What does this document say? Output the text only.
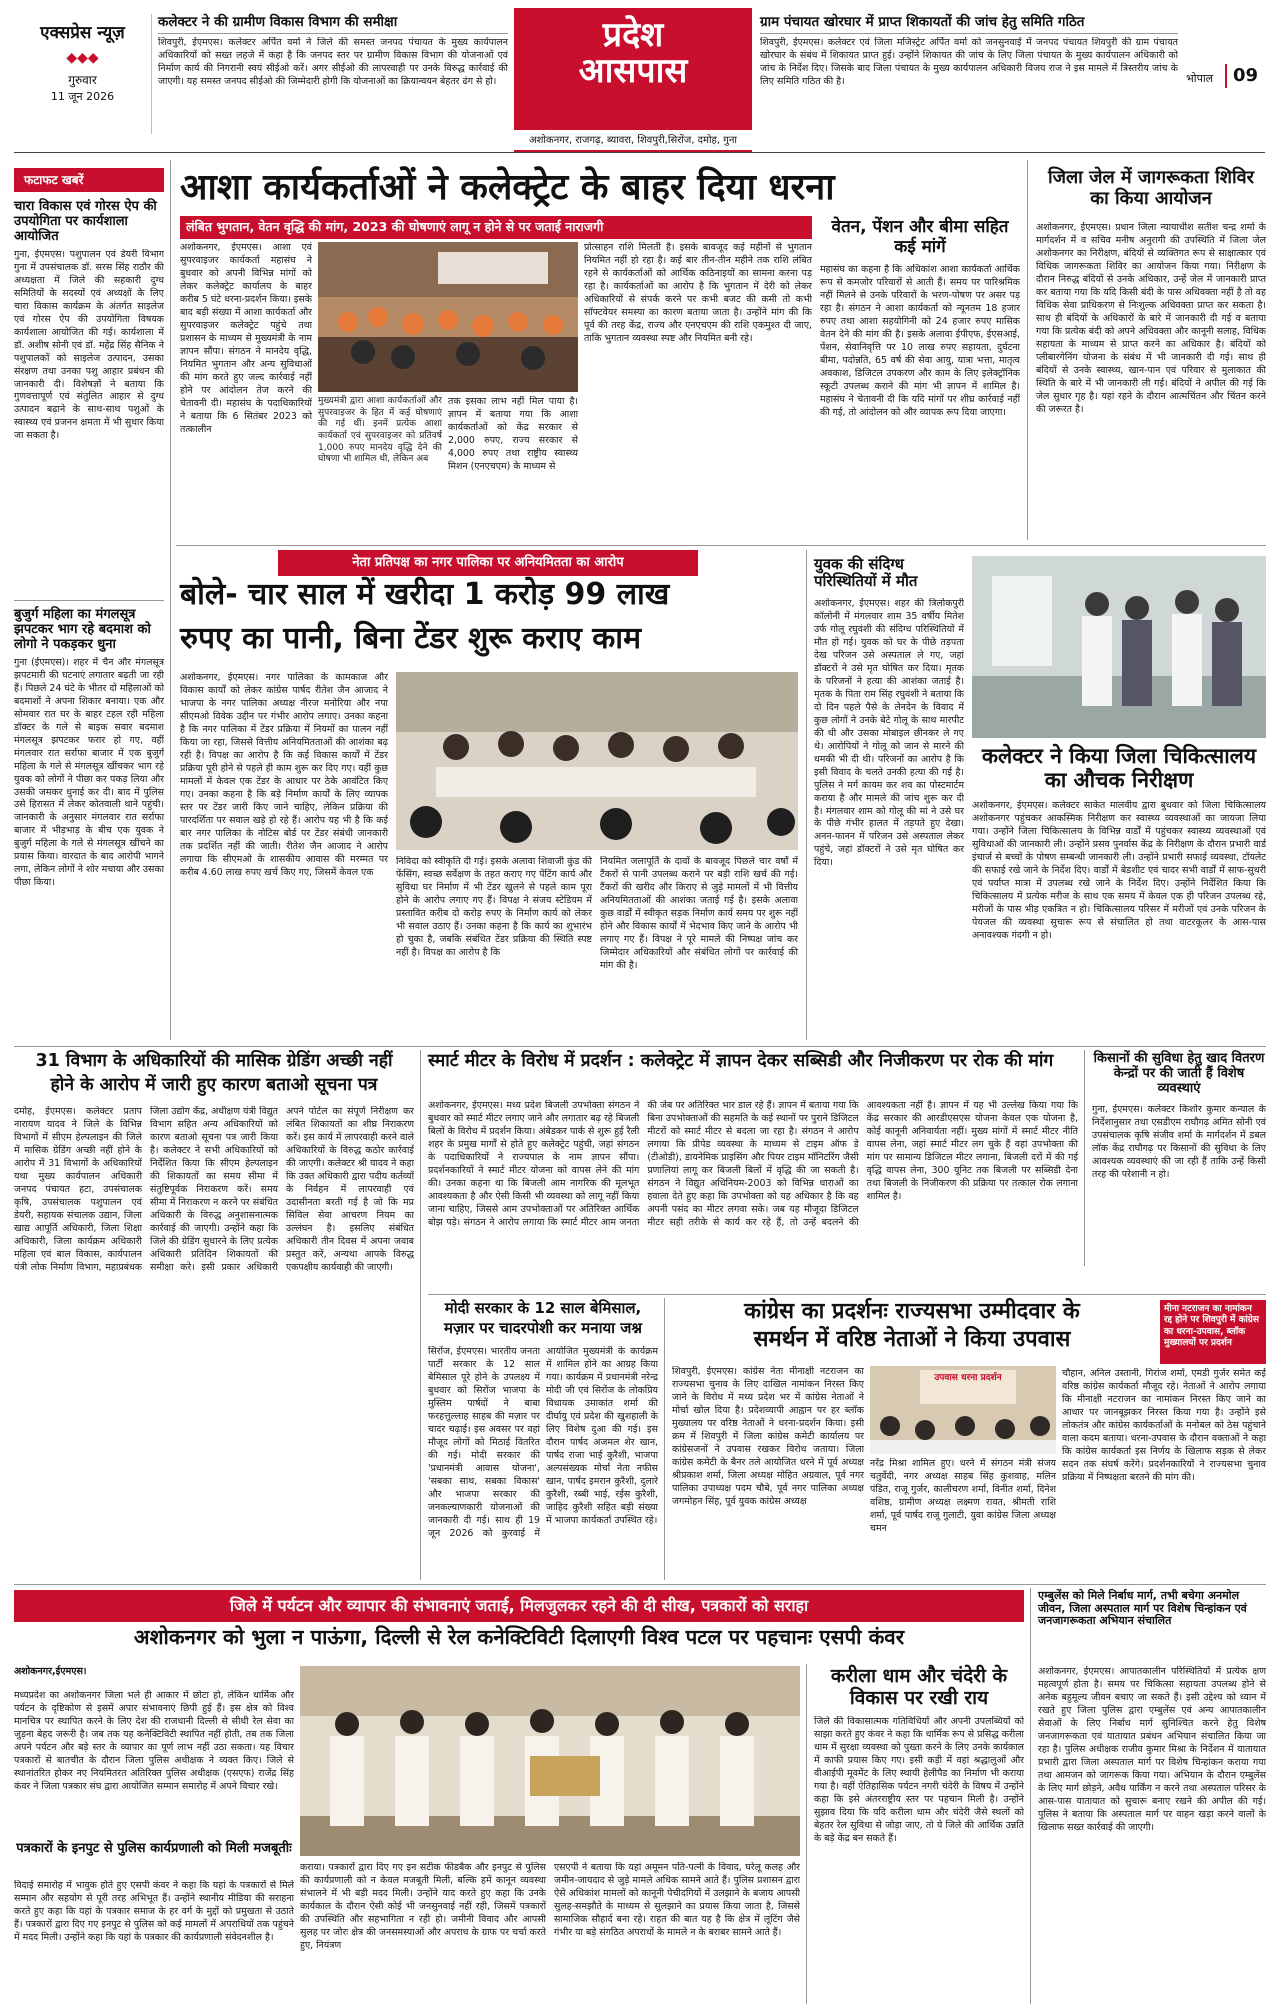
एक्सप्रेस न्यूज़
◆◆◆
गुरुवार
11 जून 2026
कलेक्टर ने की ग्रामीण विकास विभाग की समीक्षा
शिवपुरी, ईएमएस। कलेक्टर अर्पित वर्मा ने जिले की समस्त जनपद पंचायत के मुख्य कार्यपालन अधिकारियों को सख्त लहजे में कहा है कि जनपद स्तर पर ग्रामीण विकास विभाग की योजनाओं एवं निर्माण कार्य की निगरानी स्वयं सीईओ करें। अगर सीईओ की लापरवाही पर उनके विरुद्ध कार्रवाई की जाएगी। यह समस्त जनपद सीईओ की जिम्मेदारी होगी कि योजनाओं का क्रियान्वयन बेहतर ढंग से हो।
प्रदेश
आसपास
अशोकनगर, राजगढ़, ब्यावरा, शिवपुरी,सिरोंज, दमोह, गुना
ग्राम पंचायत खोरघार में प्राप्त शिकायतों की जांच हेतु समिति गठित
शिवपुरी, ईएमएस। कलेक्टर एवं जिला मजिस्ट्रेट अर्पित वर्मा को जनसुनवाई में जनपद पंचायत शिवपुरी की ग्राम पंचायत खोरघार के संबंध में शिकायत प्राप्त हुई। उन्होंने शिकायत की जांच के लिए जिला पंचायत के मुख्य कार्यपालन अधिकारी को जांच के निर्देश दिए। जिसके बाद जिला पंचायत के मुख्य कार्यपालन अधिकारी विजय राज ने इस मामले में त्रिस्तरीय जांच के लिए समिति गठित की है।	भोपाल	09
फटाफट खबरें
चारा विकास एवं गोरस ऐप की उपयोगिता पर कार्यशाला आयोजित
गुना, ईएमएस। पशुपालन एवं डेयरी विभाग गुना में उपसंचालक डॉ. सरस सिंह राठौर की अध्यक्षता में जिले की सहकारी दुग्ध समितियों के सदस्यों एवं अध्यक्षों के लिए चारा विकास कार्यक्रम के अंतर्गत साइलेज एवं गोरस ऐप की उपयोगिता विषयक कार्यशाला आयोजित की गई। कार्यशाला में डॉ. अशीष सोनी एवं डॉ. महेंद्र सिंह सैनिक ने पशुपालकों को साइलेज उत्पादन, उसका संरक्षण तथा उनका पशु आहार प्रबंधन की जानकारी दी। विशेषज्ञों ने बताया कि गुणवत्तापूर्ण एवं संतुलित आहार से दुग्ध उत्पादन बढ़ाने के साथ-साथ पशुओं के स्वास्थ्य एवं प्रजनन क्षमता में भी सुधार किया जा सकता है।
बुजुर्ग महिला का मंगलसूत्र झपटकर भाग रहे बदमाश को लोगो ने पकड़कर धुना
गुना (ईएमएस)। शहर में चैन और मंगलसूत्र झपटमारी की घटनाएं लगातार बढ़ती जा रही हैं। पिछले 24 घंटे के भीतर दो महिलाओं को बदमाशों ने अपना शिकार बनाया। एक और सोमवार रात घर के बाहर टहल रही महिला डॉक्टर के गले से बाइक सवार बदमाश मंगलसूत्र झपटकर फरार हो गए, वहीं मंगलवार रात सर्राफा बाजार में एक बुजुर्ग महिला के गले से मंगलसूत्र खींचकर भाग रहे युवक को लोगों ने पीछा कर पकड़ लिया और उसकी जमकर धुनाई कर दी। बाद में पुलिस उसे हिरासत में लेकर कोतवाली थाने पहुंची। जानकारी के अनुसार मंगलवार रात सर्राफा बाजार में भीड़भाड़ के बीच एक युवक ने बुजुर्ग महिला के गले से मंगलसूत्र खींचने का प्रयास किया। वारदात के बाद आरोपी भागने लगा, लेकिन लोगों ने शोर मचाया और उसका पीछा किया।
आशा कार्यकर्ताओं ने कलेक्ट्रेट के बाहर दिया धरना
लंबित भुगतान, वेतन वृद्धि की मांग, 2023 की घोषणाएं लागू न होने से पर जताई नाराजगी
अशोकनगर, ईएमएस। आशा एवं सुपरवाइजर कार्यकर्ता महासंघ ने बुधवार को अपनी विभिन्न मांगों को लेकर कलेक्ट्रेट कार्यालय के बाहर करीब 5 घंटे धरना-प्रदर्शन किया। इसके बाद बड़ी संख्या में आशा कार्यकर्ता और सुपरवाइजर कलेक्ट्रेट पहुंचे तथा प्रशासन के माध्यम से मुख्यमंत्री के नाम ज्ञापन सौंपा। संगठन ने मानदेय वृद्धि, नियमित भुगतान और अन्य सुविधाओं की मांग करते हुए जल्द कार्रवाई नहीं होने पर आंदोलन तेज करने की चेतावनी दी। महासंघ के पदाधिकारियों ने बताया कि 6 सितंबर 2023 को तत्कालीन
मुख्यमंत्री द्वारा आशा कार्यकर्ताओं और सुपरवाइजर के हित में कई घोषणाएं की गई थीं। इनमें प्रत्येक आशा कार्यकर्ता एवं सुपरवाइजर को प्रतिवर्ष 1,000 रुपए मानदेय वृद्धि देने की घोषणा भी शामिल थी, लेकिन अब
तक इसका लाभ नहीं मिल पाया है। ज्ञापन में बताया गया कि आशा कार्यकर्ताओं को केंद्र सरकार से 2,000 रुपए, राज्य सरकार से 4,000 रुपए तथा राष्ट्रीय स्वास्थ्य मिशन (एनएचएम) के माध्यम से
प्रोत्साहन राशि मिलती है। इसके बावजूद कई महीनों से भुगतान नियमित नहीं हो रहा है। कई बार तीन-तीन महीने तक राशि लंबित रहने से कार्यकर्ताओं को आर्थिक कठिनाइयों का सामना करना पड़ रहा है। कार्यकर्ताओं का आरोप है कि भुगतान में देरी को लेकर अधिकारियों से संपर्क करने पर कभी बजट की कमी तो कभी सॉफ्टवेयर समस्या का कारण बताया जाता है। उन्होंने मांग की कि पूर्व की तरह केंद्र, राज्य और एनएचएम की राशि एकमुश्त दी जाए, ताकि भुगतान व्यवस्था स्पष्ट और नियमित बनी रहे।
वेतन, पेंशन और बीमा सहित कई मांगें
महासंघ का कहना है कि अधिकांश आशा कार्यकर्ता आर्थिक रूप से कमजोर परिवारों से आती हैं। समय पर पारिश्रमिक नहीं मिलने से उनके परिवारों के भरण-पोषण पर असर पड़ रहा है। संगठन ने आशा कार्यकर्ता को न्यूनतम 18 हजार रुपए तथा आशा सहयोगिनी को 24 हजार रुपए मासिक वेतन देने की मांग की है। इसके अलावा ईपीएफ, ईएसआई, पेंशन, सेवानिवृत्ति पर 10 लाख रुपए सहायता, दुर्घटना बीमा, पदोन्नति, 65 वर्ष की सेवा आयु, यात्रा भत्ता, मातृत्व अवकाश, डिजिटल उपकरण और काम के लिए इलेक्ट्रॉनिक स्कूटी उपलब्ध कराने की मांग भी ज्ञापन में शामिल है। महासंघ ने चेतावनी दी कि यदि मांगों पर शीघ्र कार्रवाई नहीं की गई, तो आंदोलन को और व्यापक रूप दिया जाएगा।
जिला जेल में जागरूकता शिविर का किया आयोजन
अशोकनगर, ईएमएस। प्रधान जिला न्यायाधीश सतीश चन्द्र शर्मा के मार्गदर्शन में व सचिव मनीष अनुरागी की उपस्थिति में जिला जेल अशोकनगर का निरीक्षण, बंदियों से व्यक्तिगत रूप से साक्षात्कार एवं विधिक जागरूकता शिविर का आयोजन किया गया। निरीक्षण के दौरान निरुद्ध बंदियों से उनके अधिकार, उन्हें जेल में जानकारी प्राप्त कर बताया गया कि यदि किसी बंदी के पास अधिवक्ता नहीं है तो वह विधिक सेवा प्राधिकरण से निःशुल्क अधिवक्ता प्राप्त कर सकता है। साथ ही बंदियों के अधिकारों के बारे में जानकारी दी गई व बताया गया कि प्रत्येक बंदी को अपने अधिवक्ता और कानूनी सलाह, विधिक सहायता के माध्यम से प्राप्त करने का अधिकार है। बंदियों को प्लीबारगेनिंग योजना के संबंध में भी जानकारी दी गई। साथ ही बंदियों से उनके स्वास्थ्य, खान-पान एवं परिवार से मुलाकात की स्थिति के बारे में भी जानकारी ली गई। बंदियों ने अपील की गई कि जेल सुधार गृह है। यहां रहने के दौरान आत्मचिंतन और चिंतन करने की जरूरत है।
नेता प्रतिपक्ष का नगर पालिका पर अनियमितता का आरोप
बोले- चार साल में खरीदा 1 करोड़ 99 लाख
रुपए का पानी, बिना टेंडर शुरू कराए काम
अशोकनगर, ईएमएस। नगर पालिका के कामकाज और विकास कार्यों को लेकर कांग्रेस पार्षद रीतेश जैन आजाद ने भाजपा के नगर पालिका अध्यक्ष नीरज मनोरिया और नपा सीएमओ विवेक उद्दीन पर गंभीर आरोप लगाए। उनका कहना है कि नगर पालिका में टेंडर प्रक्रिया में नियमों का पालन नहीं किया जा रहा, जिससे वित्तीय अनियमितताओं की आशंका बढ़ रही है। विपक्ष का आरोप है कि कई विकास कार्यों में टेंडर प्रक्रिया पूरी होने से पहले ही काम शुरू कर दिए गए। वहीं कुछ मामलों में केवल एक टेंडर के आधार पर ठेके आवंटित किए गए। उनका कहना है कि बड़े निर्माण कार्यों के लिए व्यापक स्तर पर टेंडर जारी किए जाने चाहिए, लेकिन प्रक्रिया की पारदर्शिता पर सवाल खड़े हो रहे हैं। आरोप यह भी है कि कई बार नगर पालिका के नोटिस बोर्ड पर टेंडर संबंधी जानकारी तक प्रदर्शित नहीं की जाती। रीतेश जैन आजाद ने आरोप लगाया कि सीएमओ के शासकीय आवास की मरम्मत पर करीब 4.60 लाख रुपए खर्च किए गए, जिसमें केवल एक
निविदा को स्वीकृति दी गई। इसके अलावा शिवाजी कुंड की फेंसिंग, स्वच्छ सर्वेक्षण के तहत कराए गए पेंटिंग कार्य और सुविधा घर निर्माण में भी टेंडर खुलने से पहले काम पूरा होने के आरोप लगाए गए हैं। विपक्ष ने संजय स्टेडियम में प्रस्तावित करीब दो करोड़ रुपए के निर्माण कार्य को लेकर भी सवाल उठाए हैं। उनका कहना है कि कार्य का शुभारंभ हो चुका है, जबकि संबंधित टेंडर प्रक्रिया की स्थिति स्पष्ट नहीं है। विपक्ष का आरोप है कि
नियमित जलापूर्ति के दावों के बावजूद पिछले चार वर्षों में टैंकरों से पानी उपलब्ध कराने पर बड़ी राशि खर्च की गई। टैंकरों की खरीद और किराए से जुड़े मामलों में भी वित्तीय अनियमितताओं की आशंका जताई गई है। इसके अलावा कुछ वार्डों में स्वीकृत सड़क निर्माण कार्य समय पर शुरू नहीं होने और विकास कार्यों में भेदभाव किए जाने के आरोप भी लगाए गए हैं। विपक्ष ने पूरे मामले की निष्पक्ष जांच कर जिम्मेदार अधिकारियों और संबंधित लोगों पर कार्रवाई की मांग की है।
युवक की संदिग्ध परिस्थितियों में मौत
अशोकनगर, ईएमएस। शहर की त्रिलोकपुरी कॉलोनी में मंगलवार शाम 35 वर्षीय मितेश उर्फ गोलू रघुवंशी की संदिग्ध परिस्थितियों में मौत हो गई। युवक को घर के पीछे तड़पता देख परिजन उसे अस्पताल ले गए, जहां डॉक्टरों ने उसे मृत घोषित कर दिया। मृतक के परिजनों ने हत्या की आशंका जताई है। मृतक के पिता राम सिंह रघुवंशी ने बताया कि दो दिन पहले पैसे के लेनदेन के विवाद में कुछ लोगों ने उनके बेटे गोलू के साथ मारपीट की थी और उसका मोबाइल छीनकर ले गए थे। आरोपियों ने गोलू को जान से मारने की धमकी भी दी थी। परिजनों का आरोप है कि इसी विवाद के चलते उनकी हत्या की गई है। पुलिस ने मर्ग कायम कर शव का पोस्टमार्टम कराया है और मामले की जांच शुरू कर दी है। मंगलवार शाम को गोलू की मां ने उसे घर के पीछे गंभीर हालत में तड़पते हुए देखा। अनन-फानन में परिजन उसे अस्पताल लेकर पहुंचे, जहां डॉक्टरों ने उसे मृत घोषित कर दिया।
कलेक्टर ने किया जिला चिकित्सालय का औचक निरीक्षण
अशोकनगर, ईएमएस। कलेक्टर साकेत मालवीय द्वारा बुधवार को जिला चिकित्सालय अशोकनगर पहुंचकर आकस्मिक निरीक्षण कर स्वास्थ्य व्यवस्थाओं का जायजा लिया गया। उन्होंने जिला चिकित्सालय के विभिन्न वार्डों में पहुंचकर स्वास्थ्य व्यवस्थाओं एवं सुविधाओं की जानकारी ली। उन्होंने प्रसव पुनर्वास केंद्र के निरीक्षण के दौरान प्रभारी वार्ड इंचार्ज से बच्चों के पोषण सम्बन्धी जानकारी ली। उन्होंने प्रभारी सफाई व्यवस्था, टॉयलेट की सफाई रखे जाने के निर्देश दिए। वार्डों में बेडशीट एवं चादर सभी वार्डों में साफ-सुथरी एवं पर्याप्त मात्रा में उपलब्ध रखे जाने के निर्देश दिए। उन्होंने निर्देशित किया कि चिकित्सालय में प्रत्येक मरीज के साथ एक समय में केवल एक ही परिजन उपलब्ध रहे, मरीजों के पास भीड़ एकत्रित न हो। चिकित्सालय परिसर में मरीजों एवं उनके परिजन के पेयजल की व्यवस्था सुचारू रूप से संचालित हो तथा वाटरकूलर के आस-पास अनावश्यक गंदगी न हो।
31 विभाग के अधिकारियों की मासिक ग्रेडिंग अच्छी नहीं
होने के आरोप में जारी हुए कारण बताओ सूचना पत्र
दमोह, ईएमएस। कलेक्टर प्रताप नारायण यादव ने जिले के विभिन्न विभागों में सीएम हेल्पलाइन की जिले में मासिक ग्रेडिंग अच्छी नहीं होने के आरोप में 31 विभागों के अधिकारियों यथा मुख्य कार्यपालन अधिकारी जनपद पंचायत हटा, उपसंचालक कृषि, उपसंचालक पशुपालन एवं डेयरी, सहायक संचालक उद्यान, जिला खाद्य आपूर्ति अधिकारी, जिला शिक्षा अधिकारी, जिला कार्यक्रम अधिकारी महिला एवं बाल विकास, कार्यपालन यंत्री लोक निर्माण विभाग, महाप्रबंधक जिला उद्योग केंद्र, अधीक्षण यंत्री विद्युत विभाग सहित अन्य अधिकारियों को कारण बताओ सूचना पत्र जारी किया है। कलेक्टर ने सभी अधिकारियों को निर्देशित किया कि सीएम हेल्पलाइन की शिकायतों का समय सीमा में संतुष्टिपूर्वक निराकरण करें। समय सीमा में निराकरण न करने पर संबंधित अधिकारी के विरुद्ध अनुशासनात्मक कार्रवाई की जाएगी। उन्होंने कहा कि जिले की ग्रेडिंग सुधारने के लिए प्रत्येक अधिकारी प्रतिदिन शिकायतों की समीक्षा करे। इसी प्रकार अधिकारी अपने पोर्टल का संपूर्ण निरीक्षण कर लंबित शिकायतों का शीघ्र निराकरण करें। इस कार्य में लापरवाही करने वाले अधिकारियों के विरुद्ध कठोर कार्रवाई की जाएगी। कलेक्टर श्री यादव ने कहा कि उक्त अधिकारी द्वारा पदीय कर्तव्यों के निर्वहन में लापरवाही एवं उदासीनता बरती गई है जो कि मप्र सिविल सेवा आचरण नियम का उल्लंघन है। इसलिए संबंधित अधिकारी तीन दिवस में अपना जवाब प्रस्तुत करें, अन्यथा आपके विरुद्ध एकपक्षीय कार्यवाही की जाएगी।
स्मार्ट मीटर के विरोध में प्रदर्शन : कलेक्ट्रेट में ज्ञापन देकर सब्सिडी और निजीकरण पर रोक की मांग
अशोकनगर, ईएमएस। मध्य प्रदेश बिजली उपभोक्ता संगठन ने बुधवार को स्मार्ट मीटर लगाए जाने और लगातार बढ़ रहे बिजली बिलों के विरोध में प्रदर्शन किया। अंबेडकर पार्क से शुरू हुई रैली शहर के प्रमुख मार्गों से होते हुए कलेक्ट्रेट पहुंची, जहां संगठन के पदाधिकारियों ने राज्यपाल के नाम ज्ञापन सौंपा। प्रदर्शनकारियों ने स्मार्ट मीटर योजना को वापस लेने की मांग की। उनका कहना था कि बिजली आम नागरिक की मूलभूत आवश्यकता है और ऐसी किसी भी व्यवस्था को लागू नहीं किया जाना चाहिए, जिससे आम उपभोक्ताओं पर अतिरिक्त आर्थिक बोझ पड़े। संगठन ने आरोप लगाया कि स्मार्ट मीटर आम जनता की जेब पर अतिरिक्त भार डाल रहे हैं। ज्ञापन में बताया गया कि बिना उपभोक्ताओं की सहमति के कई स्थानों पर पुराने डिजिटल मीटरों को स्मार्ट मीटर से बदला जा रहा है। संगठन ने आरोप लगाया कि प्रीपेड व्यवस्था के माध्यम से टाइम ऑफ डे (टीओडी), डायनेमिक प्राइसिंग और पियर टाइम मॉनिटरिंग जैसी प्रणालियां लागू कर बिजली बिलों में वृद्धि की जा सकती है। संगठन ने विद्युत अधिनियम-2003 को विभिन्न धाराओं का हवाला देते हुए कहा कि उपभोक्ता को यह अधिकार है कि वह अपनी पसंद का मीटर लगवा सके। जब यह मौजूदा डिजिटल मीटर सही तरीके से कार्य कर रहे हैं, तो उन्हें बदलने की आवश्यकता नहीं है। ज्ञापन में यह भी उल्लेख किया गया कि केंद्र सरकार की आरडीएसएस योजना केवल एक योजना है, कोई कानूनी अनिवार्यता नहीं। मुख्य मांगों में स्मार्ट मीटर नीति वापस लेना, जहां स्मार्ट मीटर लग चुके हैं वहां उपभोक्ता की मांग पर सामान्य डिजिटल मीटर लगाना, बिजली दरों में की गई वृद्धि वापस लेना, 300 यूनिट तक बिजली पर सब्सिडी देना तथा बिजली के निजीकरण की प्रक्रिया पर तत्काल रोक लगाना शामिल है।
किसानों की सुविधा हेतु खाद वितरण केन्द्रों पर की जाती हैं विशेष व्यवस्थाएं
गुना, ईएमएस। कलेक्टर किशोर कुमार कन्याल के निर्देशानुसार तथा एसडीएम राघौगढ़ अमित सोनी एवं उपसंचालक कृषि संजीव शर्मा के मार्गदर्शन में डबल लॉक केंद्र राघौगढ़ पर किसानों की सुविधा के लिए आवश्यक व्यवस्थाएं की जा रही हैं ताकि उन्हें किसी तरह की परेशानी न हो।
मोदी सरकार के 12 साल बेमिसाल,
मज़ार पर चादरपोशी कर मनाया जश्न
सिरोंज, ईएमएस। भारतीय जनता पार्टी सरकार के 12 साल बेमिसाल पूरे होने के उपलक्ष्य में बुधवार को सिरोंज भाजपा के मुस्लिम पार्षदों ने बाबा फरहत्तुल्लाह साहब की मज़ार पर चादर चढ़ाई। इस अवसर पर वहां मौजूद लोगों को मिठाई वितरित की गई। मोदी सरकार की 'प्रधानमंत्री आवास योजना', 'सबका साथ, सबका विकास' और भाजपा सरकार की जनकल्याणकारी योजनाओं की जानकारी दी गई। साथ ही 19 जून 2026 को कुरवाई में आयोजित मुख्यमंत्री के कार्यक्रम में शामिल होने का आग्रह किया गया। कार्यक्रम में प्रधानमंत्री नरेन्द्र मोदी जी एवं सिरोंज के लोकप्रिय विधायक उमाकांत शर्मा की दीर्घायु एवं प्रदेश की खुशहाली के लिए विशेष दुआ की गई। इस दौरान पार्षद अजमल शेर खान, पार्षद राजा भाई कुरैशी, भाजपा अल्पसंख्यक मोर्चा नेता नफीस खान, पार्षद इमरान कुरैशी, दुलारे कुरैशी, रब्बी भाई, रईस कुरैशी, जाहिद कुरैशी सहित बड़ी संख्या में भाजपा कार्यकर्ता उपस्थित रहे।
कांग्रेस का प्रदर्शनः राज्यसभा उम्मीदवार के
समर्थन में वरिष्ठ नेताओं ने किया उपवास
मीना नटराजन का नामांकन रद्द होने पर शिवपुरी में कांग्रेस का धरना-उपवास, ब्लॉक मुख्यालयों पर प्रदर्शन
शिवपुरी, ईएमएस। कांग्रेस नेता मीनाक्षी नटराजन का राज्यसभा चुनाव के लिए दाखिल नामांकन निरस्त किए जाने के विरोध में मध्य प्रदेश भर में कांग्रेस नेताओं ने मोर्चा खोल दिया है। प्रदेशव्यापी आह्वान पर हर ब्लॉक मुख्यालय पर वरिष्ठ नेताओं ने धरना-प्रदर्शन किया। इसी क्रम में शिवपुरी में जिला कांग्रेस कमेटी कार्यालय पर कांग्रेसजनों ने उपवास रखकर विरोध जताया। जिला कांग्रेस कमेटी के बैनर तले आयोजित धरने में पूर्व अध्यक्ष श्रीप्रकाश शर्मा, जिला अध्यक्ष मोहित अग्रवाल, पूर्व नगर पालिका उपाध्यक्ष पदम चौबे, पूर्व नगर पालिका अध्यक्ष जगमोहन सिंह, पूर्व युवक कांग्रेस अध्यक्ष
उपवास धरना प्रदर्शन
नरेंद्र मिश्रा शामिल हुए। धरने में संगठन मंत्री संजय चतुर्वेदी, नगर अध्यक्ष साहब सिंह कुशवाह, मलिन पंडित, राजू गुर्जर, कालीचरण शर्मा, विनीत शर्मा, दिनेश वशिष्ठ, ग्रामीण अध्यक्ष लक्ष्मण रावत, श्रीमती राशि शर्मा, पूर्व पार्षद राजू गुलाटी, युवा कांग्रेस जिला अध्यक्ष चमन
चौहान, अनिल उस्तानी, गिरांज शर्मा, एमडी गुर्जर समेत कई वरिष्ठ कांग्रेस कार्यकर्ता मौजूद रहे। नेताओं ने आरोप लगाया कि मीनाक्षी नटराजन का नामांकन निरस्त किए जाने का आधार पर जानबूझकर निरस्त किया गया है। उन्होंने इसे लोकतंत्र और कांग्रेस कार्यकर्ताओं के मनोबल को ठेस पहुंचाने वाला कदम बताया। धरना-उपवास के दौरान वक्ताओं ने कहा कि कांग्रेस कार्यकर्ता इस निर्णय के खिलाफ सड़क से लेकर सदन तक संघर्ष करेंगे। प्रदर्शनकारियों ने राज्यसभा चुनाव प्रक्रिया में निष्पक्षता बरतने की मांग की।
जिले में पर्यटन और व्यापार की संभावनाएं जताई, मिलजुलकर रहने की दी सीख, पत्रकारों को सराहा
अशोकनगर को भुला न पाऊंगा, दिल्ली से रेल कनेक्टिविटी दिलाएगी विश्व पटल पर पहचानः एसपी कंवर
अशोकनगर,ईएमएस।
मध्यप्रदेश का अशोकनगर जिला भले ही आकार में छोटा हो, लेकिन धार्मिक और पर्यटन के दृष्टिकोण से इसमें अपार संभावनाएं छिपी हुई हैं। इस क्षेत्र को विश्व मानचित्र पर स्थापित करने के लिए देश की राजधानी दिल्ली से सीधी रेल सेवा का जुड़ना बेहद जरूरी है। जब तक यह कनेक्टिविटी स्थापित नहीं होती, तब तक जिला अपने पर्यटन और बड़े स्तर के व्यापार का पूर्ण लाभ नहीं उठा सकता। यह विचार पत्रकारों से बातचीत के दौरान जिला पुलिस अधीक्षक ने व्यक्त किए। जिले से स्थानांतरित होकर नए नियमितरत अतिरिक्त पुलिस अधीक्षक (एसएफ) राजेंद्र सिंह कंवर ने जिला पत्रकार संघ द्वारा आयोजित सम्मान समारोह में अपने विचार रखे।
पत्रकारों के इनपुट से पुलिस कार्यप्रणाली को मिली मजबूतीः
विदाई समारोह में भावुक होते हुए एसपी कंवर ने कहा कि यहां के पत्रकारों से मिले सम्मान और सहयोग से पूरी तरह अभिभूत हैं। उन्होंने स्थानीय मीडिया की सराहना करते हुए कहा कि यहां के पत्रकार समाज के हर वर्ग के मुद्दों को प्रमुखता से उठाते हैं। पत्रकारों द्वारा दिए गए इनपुट से पुलिस को कई मामलों में अपराधियों तक पहुंचने में मदद मिली। उन्होंने कहा कि यहां के पत्रकार की कार्यप्रणाली संवेदनशील है।
कराया। पत्रकारों द्वारा दिए गए इन सटीक फीडबैक और इनपुट से पुलिस की कार्यप्रणाली को न केवल मजबूती मिली, बल्कि हमें कानून व्यवस्था संभालने में भी बड़ी मदद मिली। उन्होंने याद करते हुए कहा कि उनके कार्यकाल के दौरान ऐसी कोई भी जनसुनवाई नहीं रही, जिसमें पत्रकारों की उपस्थिति और सहभागिता न रही हो। जमीनी विवाद और आपसी सुलह पर जोरः क्षेत्र की जनसमस्याओं और अपराध के ग्राफ पर चर्चा करते हुए, नियंत्रण
एसएपी ने बताया कि यहां अमूमन पति-पत्नी के विवाद, घरेलू कलह और जमीन-जायदाद से जुड़े मामले अधिक सामने आते हैं। पुलिस प्रशासन द्वारा ऐसे अधिकांश मामलों को कानूनी पेचीदगियों में उलझाने के बजाय आपसी सुलह-समझौते के माध्यम से सुलझाने का प्रयास किया जाता है, जिससे सामाजिक सौहार्द बना रहे। राहत की बात यह है कि क्षेत्र में लूटिंग जैसे गंभीर या बड़े संगठित अपराधों के मामले न के बराबर सामने आते हैं।
करीला धाम और चंदेरी के विकास पर रखी राय
जिले की विकासात्मक गतिविधियों और अपनी उपलब्धियों को साझा करते हुए कंवर ने कहा कि धार्मिक रूप से प्रसिद्ध करीला धाम में सुरक्षा व्यवस्था को पुख्ता करने के लिए उनके कार्यकाल में काफी प्रयास किए गए। इसी कड़ी में वहां श्रद्धालुओं और वीआईपी मूवमेंट के लिए स्थायी हेलीपैड का निर्माण भी कराया गया है। वहीं ऐतिहासिक पर्यटन नगरी चंदेरी के विषय में उन्होंने कहा कि इसे अंतरराष्ट्रीय स्तर पर पहचान मिली है। उन्होंने सुझाव दिया कि यदि करीला धाम और चंदेरी जैसे स्थलों को बेहतर रेल सुविधा से जोड़ा जाए, तो ये जिले की आर्थिक उन्नति के बड़े केंद्र बन सकते हैं।
एम्बुलेंस को मिले निर्बाध मार्ग, तभी बचेगा अनमोल जीवन, जिला अस्पताल मार्ग पर विशेष चिन्हांकन एवं जनजागरूकता अभियान संचालित
अशोकनगर, ईएमएस। आपातकालीन परिस्थितियों में प्रत्येक क्षण महत्वपूर्ण होता है। समय पर चिकित्सा सहायता उपलब्ध होने से अनेक बहुमूल्य जीवन बचाए जा सकते हैं। इसी उद्देश्य को ध्यान में रखते हुए जिला पुलिस द्वारा एम्बुलेंस एवं अन्य आपातकालीन सेवाओं के लिए निर्बाध मार्ग सुनिश्चित करने हेतु विशेष जनजागरूकता एवं यातायात प्रबंधन अभियान संचालित किया जा रहा है। पुलिस अधीक्षक राजीव कुमार मिश्रा के निर्देशन में यातायात प्रभारी द्वारा जिला अस्पताल मार्ग पर विशेष चिन्हांकन कराया गया तथा आमजन को जागरूक किया गया। अभियान के दौरान एम्बुलेंस के लिए मार्ग छोड़ने, अवैध पार्किंग न करने तथा अस्पताल परिसर के आस-पास यातायात को सुचारू बनाए रखने की अपील की गई। पुलिस ने बताया कि अस्पताल मार्ग पर वाहन खड़ा करने वालों के खिलाफ सख्त कार्रवाई की जाएगी।
